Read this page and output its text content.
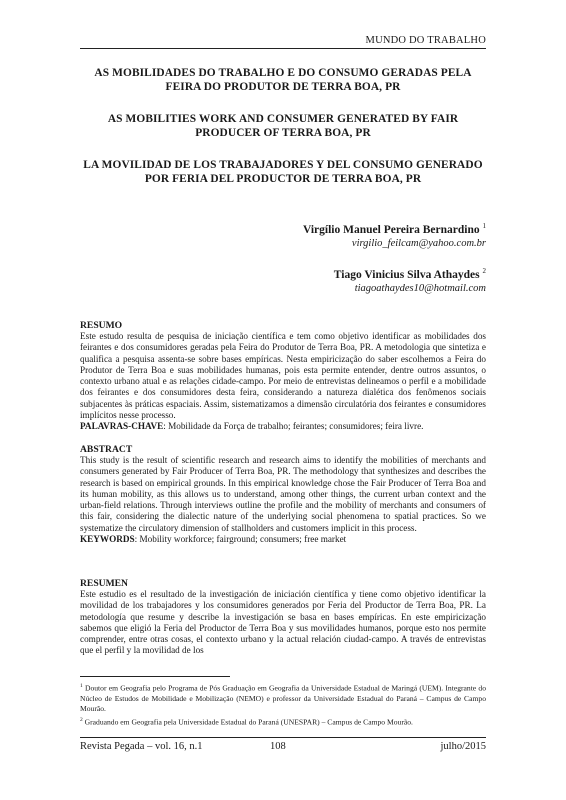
MUNDO DO TRABALHO

AS MOBILIDADES DO TRABALHO E DO CONSUMO GERADAS PELA FEIRA DO PRODUTOR DE TERRA BOA, PR

AS MOBILITIES WORK AND CONSUMER GENERATED BY FAIR PRODUCER OF TERRA BOA, PR

LA MOVILIDAD DE LOS TRABAJADORES Y DEL CONSUMO GENERADO POR FERIA DEL PRODUCTOR DE TERRA BOA, PR

Virgílio Manuel Pereira Bernardino $^1$
virgilio_feilcam@yahoo.com.br
Tiago Vinicius Silva Athaydes $^2$
tiagoathaydes10@hotmail.com

RESUMO

Este estudo resulta de pesquisa de iniciação científica e tem como objetivo identificar as mobilidades dos feirantes e dos consumidores geradas pela Feira do Produtor de Terra Boa, PR. A metodologia que sintetiza e qualifica a pesquisa assenta-se sobre bases empíricas. Nesta empiricização do saber escolhemos a Feira do Produtor de Terra Boa e suas mobilidades humanas, pois esta permite entender, dentre outros assuntos, o contexto urbano atual e as relações cidade-campo. Por meio de entrevistas delineamos o perfil e a mobilidade dos feirantes e dos consumidores desta feira, considerando a natureza dialética dos fenômenos sociais subjacentes às práticas espaciais. Assim, sistematizamos a dimensão circulatória dos feirantes e consumidores implícitos nesse processo.

PALAVRAS-CHAVE: Mobilidade da Força de trabalho; feirantes; consumidores; feira livre.

ABSTRACT

This study is the result of scientific research and research aims to identify the mobilities of merchants and consumers generated by Fair Producer of Terra Boa, PR. The methodology that synthesizes and describes the research is based on empirical grounds. In this empirical knowledge chose the Fair Producer of Terra Boa and its human mobility, as this allows us to understand, among other things, the current urban context and the urban-field relations. Through interviews outline the profile and the mobility of merchants and consumers of this fair, considering the dialectic nature of the underlying social phenomena to spatial practices. So we systematize the circulatory dimension of stallholders and customers implicit in this process.

KEYWORDS: Mobility workforce; fairground; consumers; free market

RESUMEN

Este estudio es el resultado de la investigación de iniciación científica y tiene como objetivo identificar la movilidad de los trabajadores y los consumidores generados por Feria del Productor de Terra Boa, PR. La metodología que resume y describe la investigación se basa en bases empíricas. En este empiricização sabemos que eligió la Feria del Productor de Terra Boa y sus movilidades humanos, porque esto nos permite comprender, entre otras cosas, el contexto urbano y la actual relación ciudad-campo. A través de entrevistas que el perfil y la movilidad de los

$^1$ Doutor em Geografia pelo Programa de Pós Graduação em Geografia da Universidade Estadual de Maringá (UEM). Integrante do Núcleo de Estudos de Mobilidade e Mobilização (NEMO) e professor da Universidade Estadual do Paraná – Campus de Campo Mourão.

$^2$ Graduando em Geografia pela Universidade Estadual do Paraná (UNESPAR) – Campus de Campo Mourão.

Revista Pegada – vol. 16, n.1	108	julho/2015
